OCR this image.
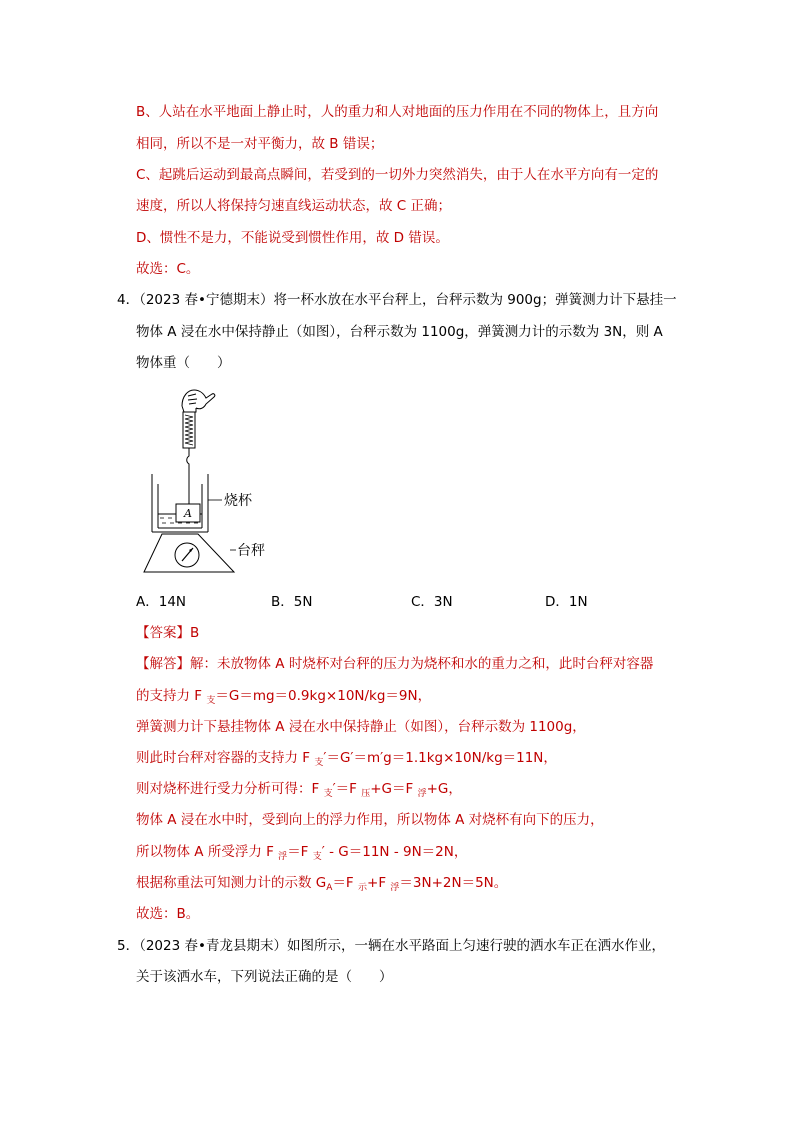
B、人站在水平地面上静止时，人的重力和人对地面的压力作用在不同的物体上，且方向
相同，所以不是一对平衡力，故 B 错误；
C、起跳后运动到最高点瞬间，若受到的一切外力突然消失，由于人在水平方向有一定的
速度，所以人将保持匀速直线运动状态，故 C 正确；
D、惯性不是力，不能说受到惯性作用，故 D 错误。
故选：C。
4．（2023 春•宁德期末）将一杯水放在水平台秤上，台秤示数为 900g；弹簧测力计下悬挂一
物体 A 浸在水中保持静止（如图），台秤示数为 1100g，弹簧测力计的示数为 3N，则 A
物体重（　　）
A
烧杯
台秤
A．14N	B．5N	C．3N	D．1N
【答案】B
【解答】解：未放物体 A 时烧杯对台秤的压力为烧杯和水的重力之和，此时台秤对容器
的支持力 F $_支$＝G＝mg＝0.9kg×10N/kg＝9N，
弹簧测力计下悬挂物体 A 浸在水中保持静止（如图），台秤示数为 1100g，
则此时台秤对容器的支持力 F $_支$′＝G′＝m′g＝1.1kg×10N/kg＝11N，
则对烧杯进行受力分析可得：F $_支$′＝F $_压$+G＝F $_浮$+G，
物体 A 浸在水中时，受到向上的浮力作用，所以物体 A 对烧杯有向下的压力，
所以物体 A 所受浮力 F $_浮$＝F $_支$′ - G＝11N - 9N＝2N，
根据称重法可知测力计的示数 $G_A=F$ $_示$+F $_浮$＝3N+2N＝5N。
故选：B。
5．（2023 春•青龙县期末）如图所示，一辆在水平路面上匀速行驶的洒水车正在洒水作业，
关于该洒水车，下列说法正确的是（　　）
